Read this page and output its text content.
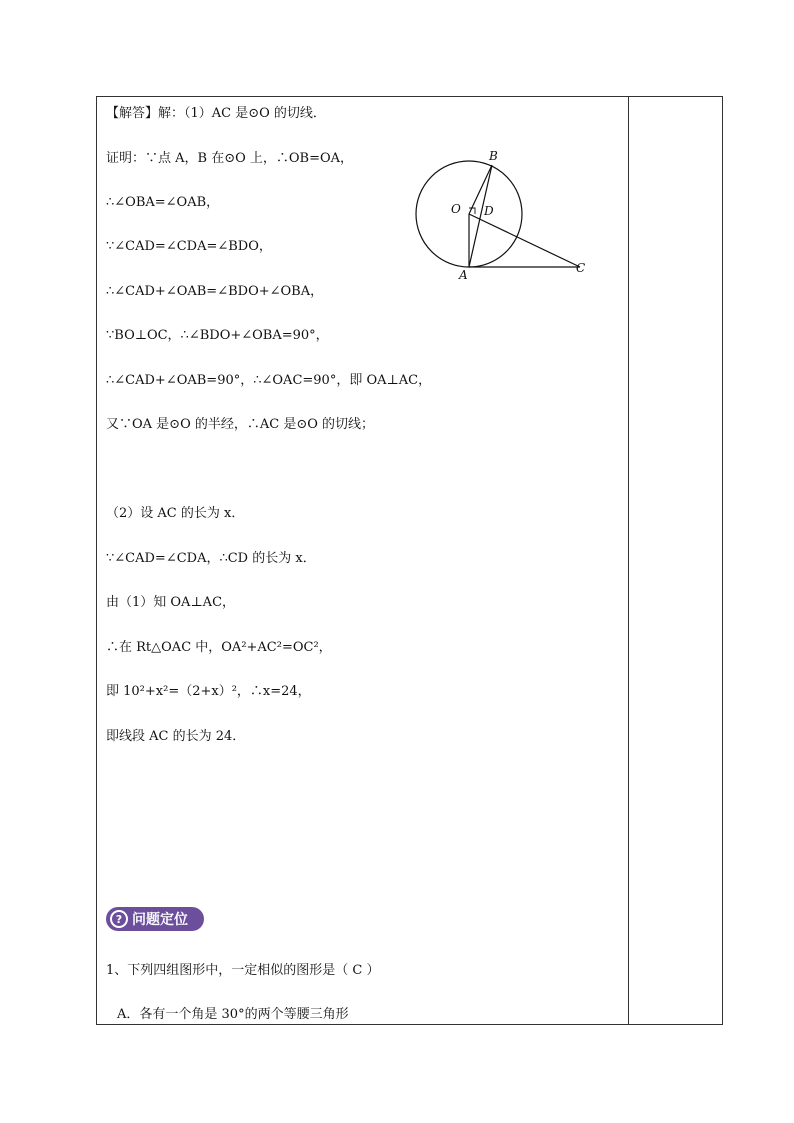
【解答】解：（1）AC 是⊙O 的切线．
证明：∵点 A，B 在⊙O 上，∴OB=OA，
∴∠OBA=∠OAB，
∵∠CAD=∠CDA=∠BDO，
∴∠CAD+∠OAB=∠BDO+∠OBA，
∵BO⊥OC，∴∠BDO+∠OBA=90°，
∴∠CAD+∠OAB=90°，∴∠OAC=90°，即 OA⊥AC，
又∵OA 是⊙O 的半经，∴AC 是⊙O 的切线；
（2）设 AC 的长为 x．
∵∠CAD=∠CDA，∴CD 的长为 x．
由（1）知 OA⊥AC，
∴在 Rt△OAC 中，OA²+AC²=OC²，
即 10²+x²=（2+x）²，∴x=24，
即线段 AC 的长为 24．
O D
B
A	C
? 问题定位
1、下列四组图形中，一定相似的图形是（ C ）
A．各有一个角是 30°的两个等腰三角形
